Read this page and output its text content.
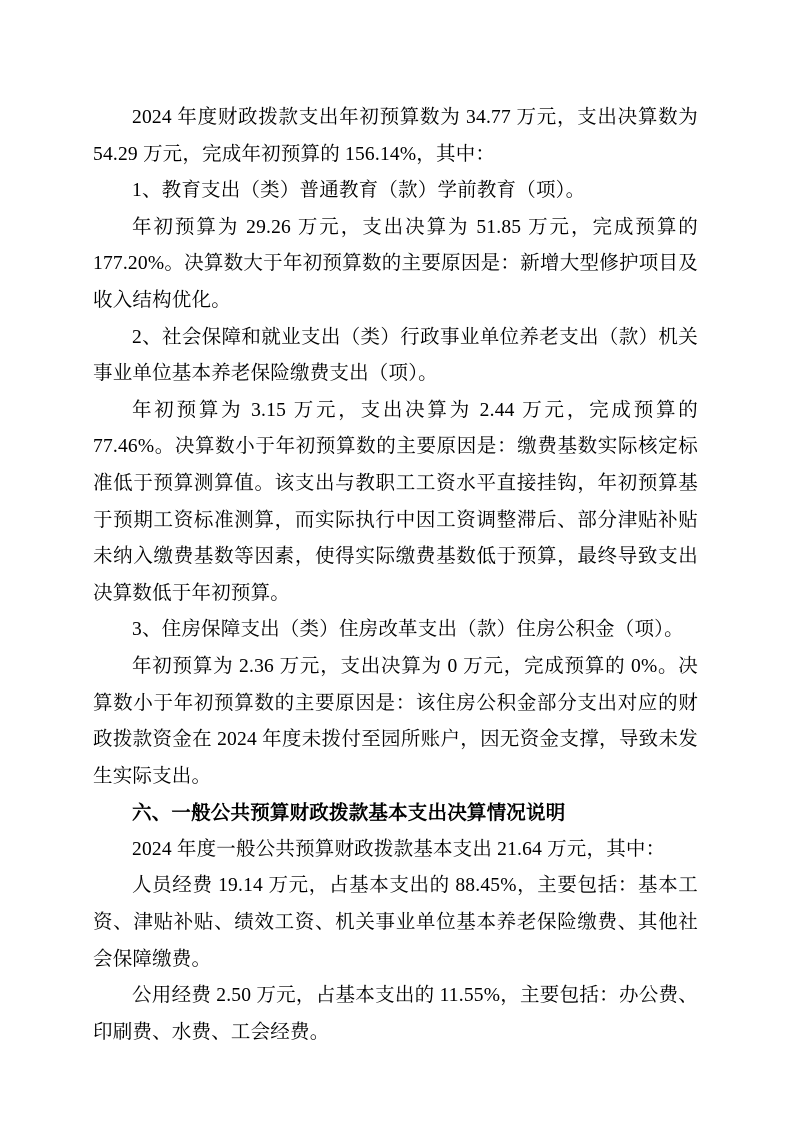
2024 年度财政拨款支出年初预算数为 34.77 万元，支出决算数为 54.29 万元，完成年初预算的 156.14%，其中：

1、教育支出（类）普通教育（款）学前教育（项）。

年初预算为 29.26 万元，支出决算为 51.85 万元，完成预算的 177.20%。决算数大于年初预算数的主要原因是：新增大型修护项目及收入结构优化。

2、社会保障和就业支出（类）行政事业单位养老支出（款）机关事业单位基本养老保险缴费支出（项）。

年初预算为 3.15 万元，支出决算为 2.44 万元，完成预算的 77.46%。决算数小于年初预算数的主要原因是：缴费基数实际核定标准低于预算测算值。该支出与教职工工资水平直接挂钩，年初预算基于预期工资标准测算，而实际执行中因工资调整滞后、部分津贴补贴未纳入缴费基数等因素，使得实际缴费基数低于预算，最终导致支出决算数低于年初预算。

3、住房保障支出（类）住房改革支出（款）住房公积金（项）。

年初预算为 2.36 万元，支出决算为 0 万元，完成预算的 0%。决算数小于年初预算数的主要原因是：该住房公积金部分支出对应的财政拨款资金在 2024 年度未拨付至园所账户，因无资金支撑，导致未发生实际支出。

六、一般公共预算财政拨款基本支出决算情况说明

2024 年度一般公共预算财政拨款基本支出 21.64 万元，其中：

人员经费 19.14 万元，占基本支出的 88.45%，主要包括：基本工资、津贴补贴、绩效工资、机关事业单位基本养老保险缴费、其他社会保障缴费。

公用经费 2.50 万元，占基本支出的 11.55%，主要包括：办公费、印刷费、水费、工会经费。
